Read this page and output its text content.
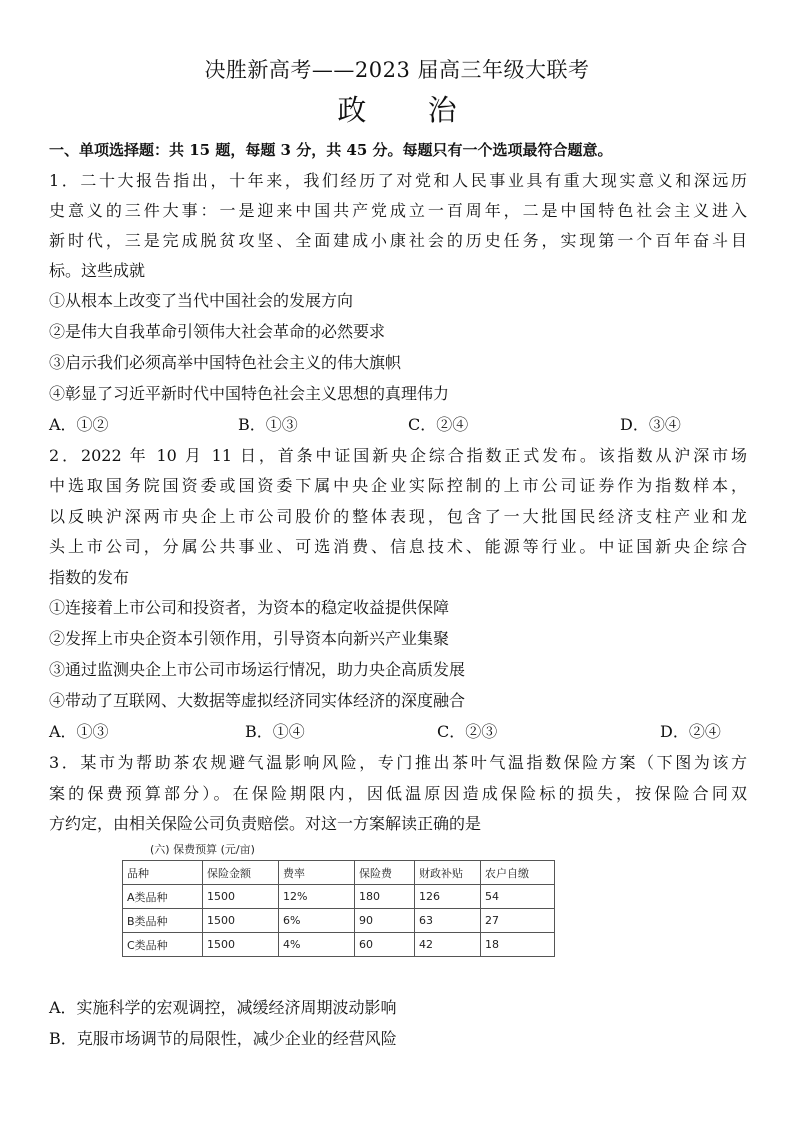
决胜新高考——2023 届高三年级大联考
政 治
一、单项选择题：共 15 题，每题 3 分，共 45 分。每题只有一个选项最符合题意。
1．二十大报告指出，十年来，我们经历了对党和人民事业具有重大现实意义和深远历
史意义的三件大事：一是迎来中国共产党成立一百周年，二是中国特色社会主义进入
新时代，三是完成脱贫攻坚、全面建成小康社会的历史任务，实现第一个百年奋斗目
标。这些成就
①从根本上改变了当代中国社会的发展方向
②是伟大自我革命引领伟大社会革命的必然要求
③启示我们必须高举中国特色社会主义的伟大旗帜
④彰显了习近平新时代中国特色社会主义思想的真理伟力
A．①②	B．①③	C．②④	D．③④
2．2022 年 10 月 11 日，首条中证国新央企综合指数正式发布。该指数从沪深市场
中选取国务院国资委或国资委下属中央企业实际控制的上市公司证券作为指数样本，
以反映沪深两市央企上市公司股价的整体表现，包含了一大批国民经济支柱产业和龙
头上市公司，分属公共事业、可选消费、信息技术、能源等行业。中证国新央企综合
指数的发布
①连接着上市公司和投资者，为资本的稳定收益提供保障
②发挥上市央企资本引领作用，引导资本向新兴产业集聚
③通过监测央企上市公司市场运行情况，助力央企高质发展
④带动了互联网、大数据等虚拟经济同实体经济的深度融合
A．①③	B．①④	C．②③	D．②④
3．某市为帮助茶农规避气温影响风险，专门推出茶叶气温指数保险方案（下图为该方
案的保费预算部分）。在保险期限内，因低温原因造成保险标的损失，按保险合同双
方约定，由相关保险公司负责赔偿。对这一方案解读正确的是
(六) 保费预算 (元/亩)
品种	保险金额	费率	保险费	财政补贴	农户自缴
A类品种	1500	12%	180	126	54
B类品种	1500	6%	90	63	27
C类品种	1500	4%	60	42	18
A．实施科学的宏观调控，减缓经济周期波动影响
B．克服市场调节的局限性，减少企业的经营风险
